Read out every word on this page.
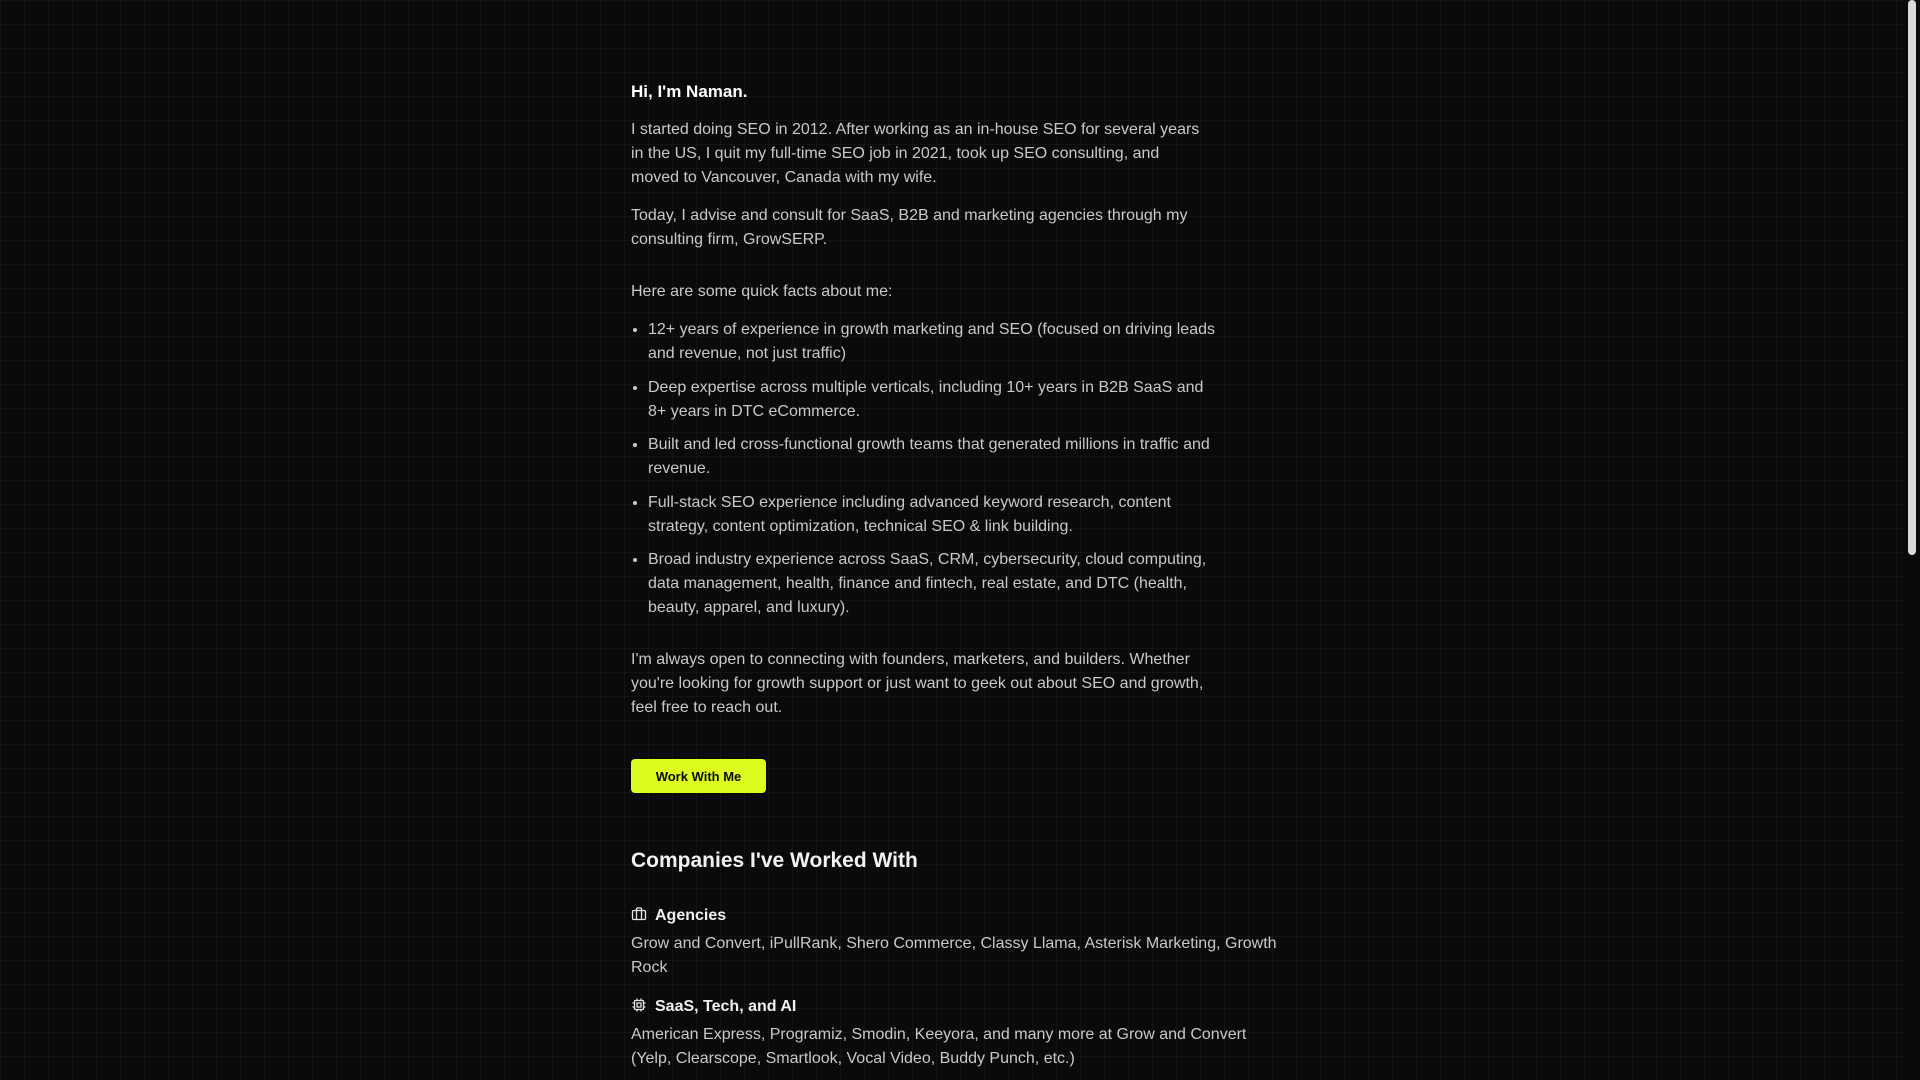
Hi, I'm Naman.

I started doing SEO in 2012. After working as an in-house SEO for several years in the US, I quit my full-time SEO job in 2021, took up SEO consulting, and moved to Vancouver, Canada with my wife.

Today, I advise and consult for SaaS, B2B and marketing agencies through my consulting firm, GrowSERP.

Here are some quick facts about me:

• 12+ years of experience in growth marketing and SEO (focused on driving leads and revenue, not just traffic)
• Deep expertise across multiple verticals, including 10+ years in B2B SaaS and 8+ years in DTC eCommerce.
• Built and led cross-functional growth teams that generated millions in traffic and revenue.
• Full-stack SEO experience including advanced keyword research, content strategy, content optimization, technical SEO & link building.
• Broad industry experience across SaaS, CRM, cybersecurity, cloud computing, data management, health, finance and fintech, real estate, and DTC (health, beauty, apparel, and luxury).

I'm always open to connecting with founders, marketers, and builders. Whether you're looking for growth support or just want to geek out about SEO and growth, feel free to reach out.

Work With Me
Companies I've Worked With
Agencies

Grow and Convert, iPullRank, Shero Commerce, Classy Llama, Asterisk Marketing, Growth Rock

SaaS, Tech, and AI

American Express, Programiz, Smodin, Keeyora, and many more at Grow and Convert (Yelp, Clearscope, Smartlook, Vocal Video, Buddy Punch, etc.)
